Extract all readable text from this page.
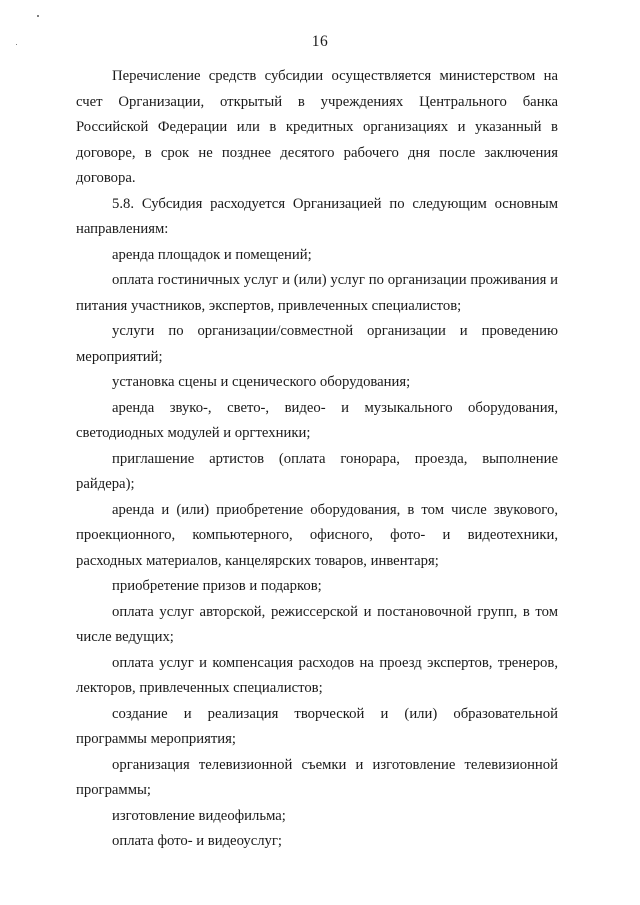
16

Перечисление средств субсидии осуществляется министерством на счет Организации, открытый в учреждениях Центрального банка Российской Федерации или в кредитных организациях и указанный в договоре, в срок не позднее десятого рабочего дня после заключения договора.

5.8. Субсидия расходуется Организацией по следующим основным направлениям:

аренда площадок и помещений;

оплата гостиничных услуг и (или) услуг по организации проживания и питания участников, экспертов, привлеченных специалистов;

услуги по организации/совместной организации и проведению мероприятий;

установка сцены и сценического оборудования;

аренда звуко-, свето-, видео- и музыкального оборудования, светодиодных модулей и оргтехники;

приглашение артистов (оплата гонорара, проезда, выполнение райдера);

аренда и (или) приобретение оборудования, в том числе звукового, проекционного, компьютерного, офисного, фото- и видеотехники, расходных материалов, канцелярских товаров, инвентаря;

приобретение призов и подарков;

оплата услуг авторской, режиссерской и постановочной групп, в том числе ведущих;

оплата услуг и компенсация расходов на проезд экспертов, тренеров, лекторов, привлеченных специалистов;

создание и реализация творческой и (или) образовательной программы мероприятия;

организация телевизионной съемки и изготовление телевизионной программы;

изготовление видеофильма;

оплата фото- и видеоуслуг;
